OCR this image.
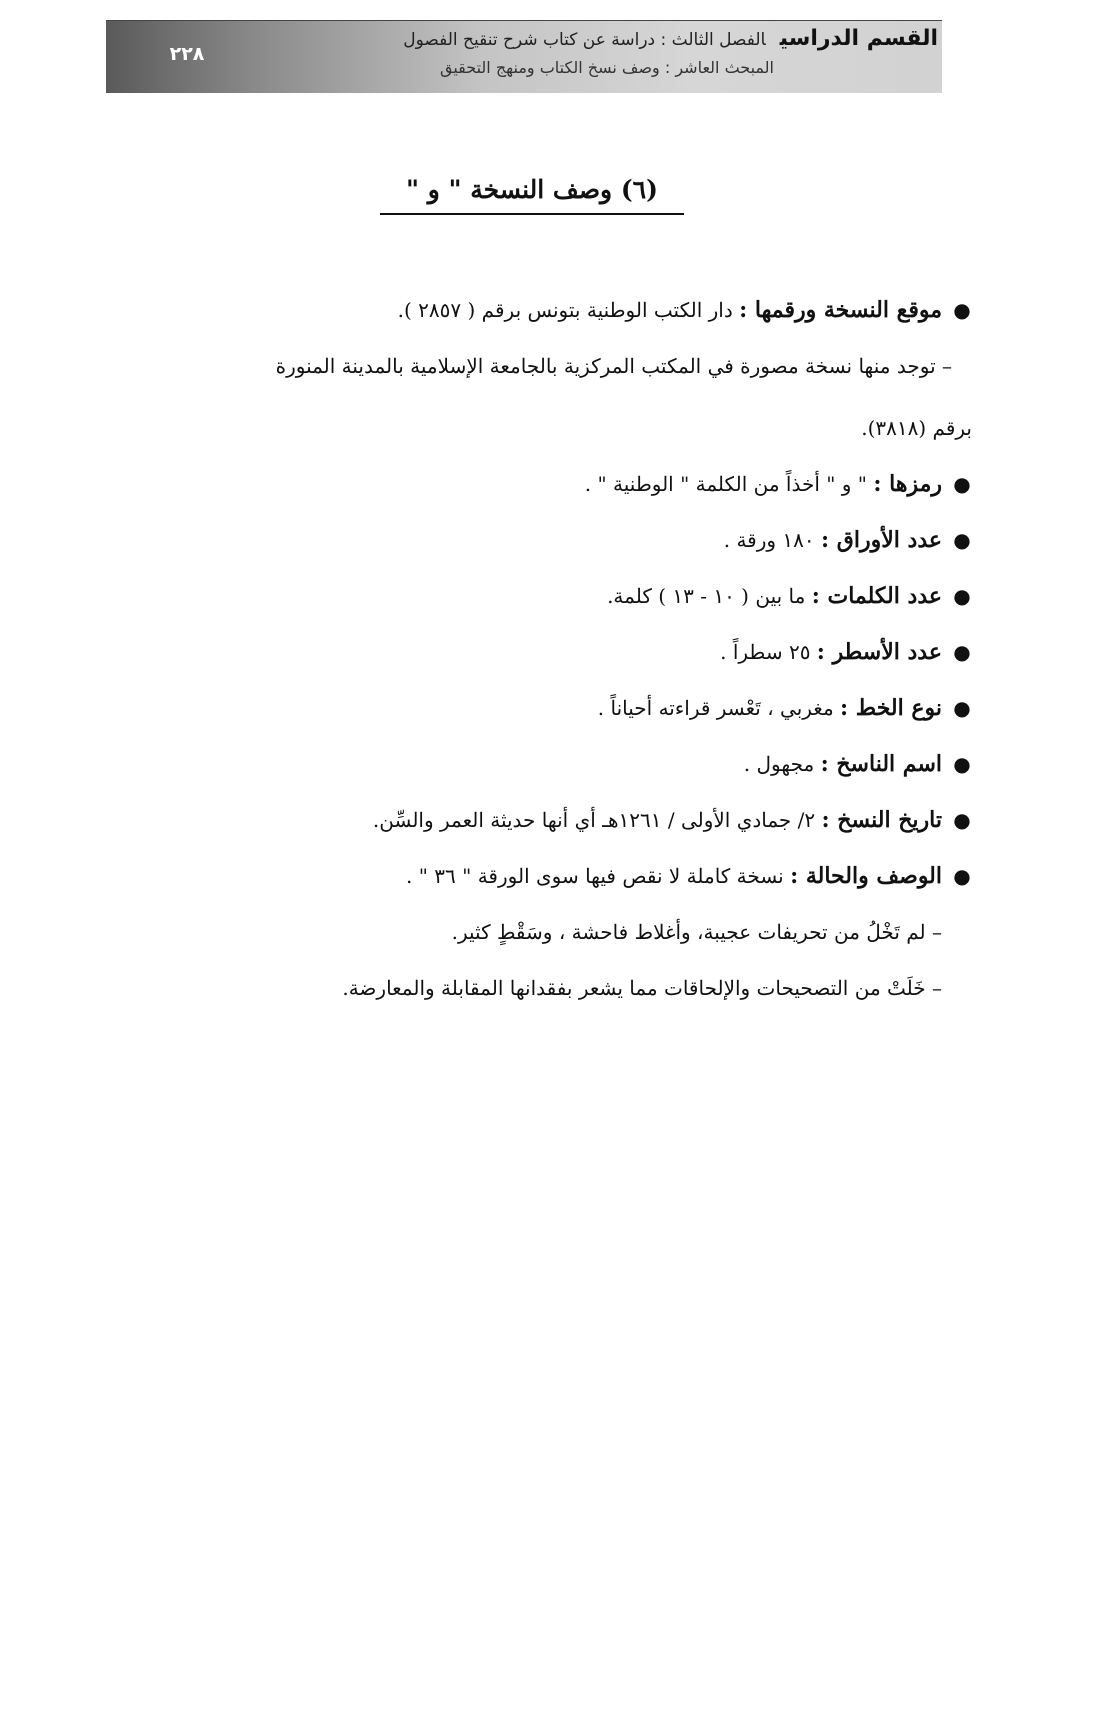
٢٢٨
القسم الدراسيالفصل الثالث : دراسة عن كتاب شرح تنقيح الفصول
المبحث العاشر : وصف نسخ الكتاب ومنهج التحقيق
(٦) وصف النسخة " و "
●موقع النسخة ورقمها : دار الكتب الوطنية بتونس برقم ( ٢٨٥٧ ).
– توجد منها نسخة مصورة في المكتب المركزية بالجامعة الإسلامية بالمدينة المنورة
برقم (٣٨١٨).
●رمزها : " و " أخذاً من الكلمة " الوطنية " .
●عدد الأوراق : ١٨٠ ورقة .
●عدد الكلمات : ما بين ( ١٠ - ١٣ ) كلمة.
●عدد الأسطر : ٢٥ سطراً .
●نوع الخط : مغربي ، تَعْسر قراءته أحياناً .
●اسم الناسخ : مجهول .
●تاريخ النسخ : ٢/ جمادي الأولى / ١٢٦١هـ أي أنها حديثة العمر والسِّن.
●الوصف والحالة : نسخة كاملة لا نقص فيها سوى الورقة " ٣٦ " .
– لم تَخْلُ من تحريفات عجيبة، وأغلاط فاحشة ، وسَقْطٍ كثير.
– خَلَتْ من التصحيحات والإلحاقات مما يشعر بفقدانها المقابلة والمعارضة.
